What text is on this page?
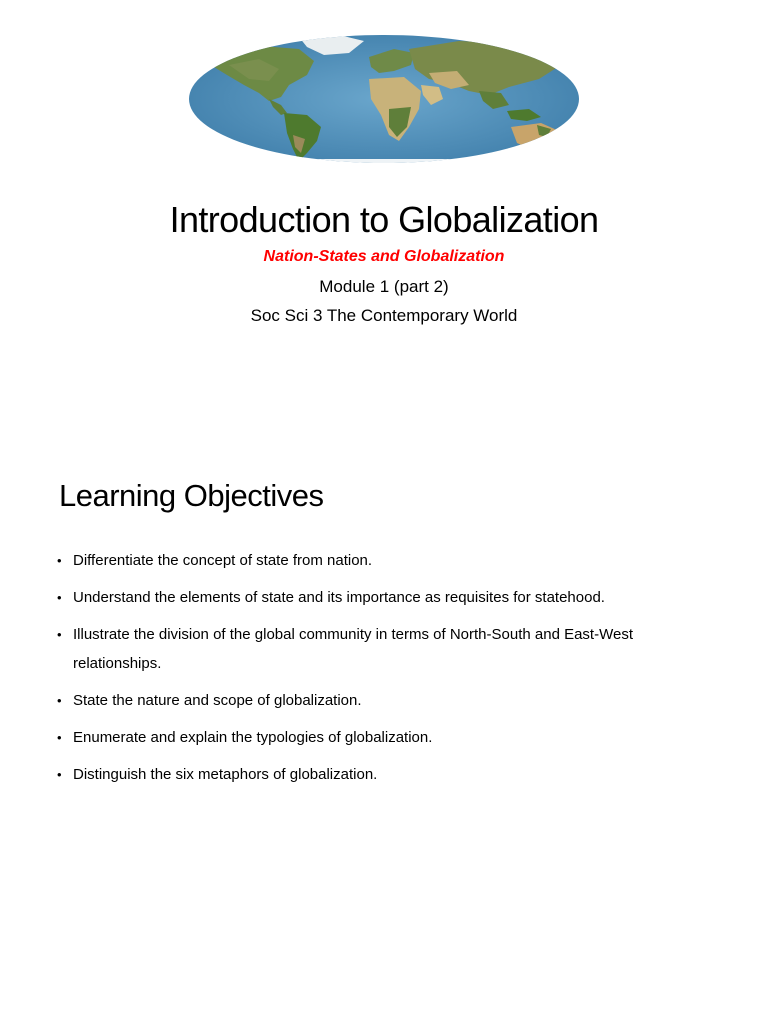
Introduction to Globalization
Nation-States and Globalization
Module 1 (part 2)
Soc Sci 3 The Contemporary World
Learning Objectives
• Differentiate the concept of state from nation.
• Understand the elements of state and its importance as requisites for statehood.
• Illustrate the division of the global community in terms of North-South and East-West relationships.
• State the nature and scope of globalization.
• Enumerate and explain the typologies of globalization.
• Distinguish the six metaphors of globalization.
